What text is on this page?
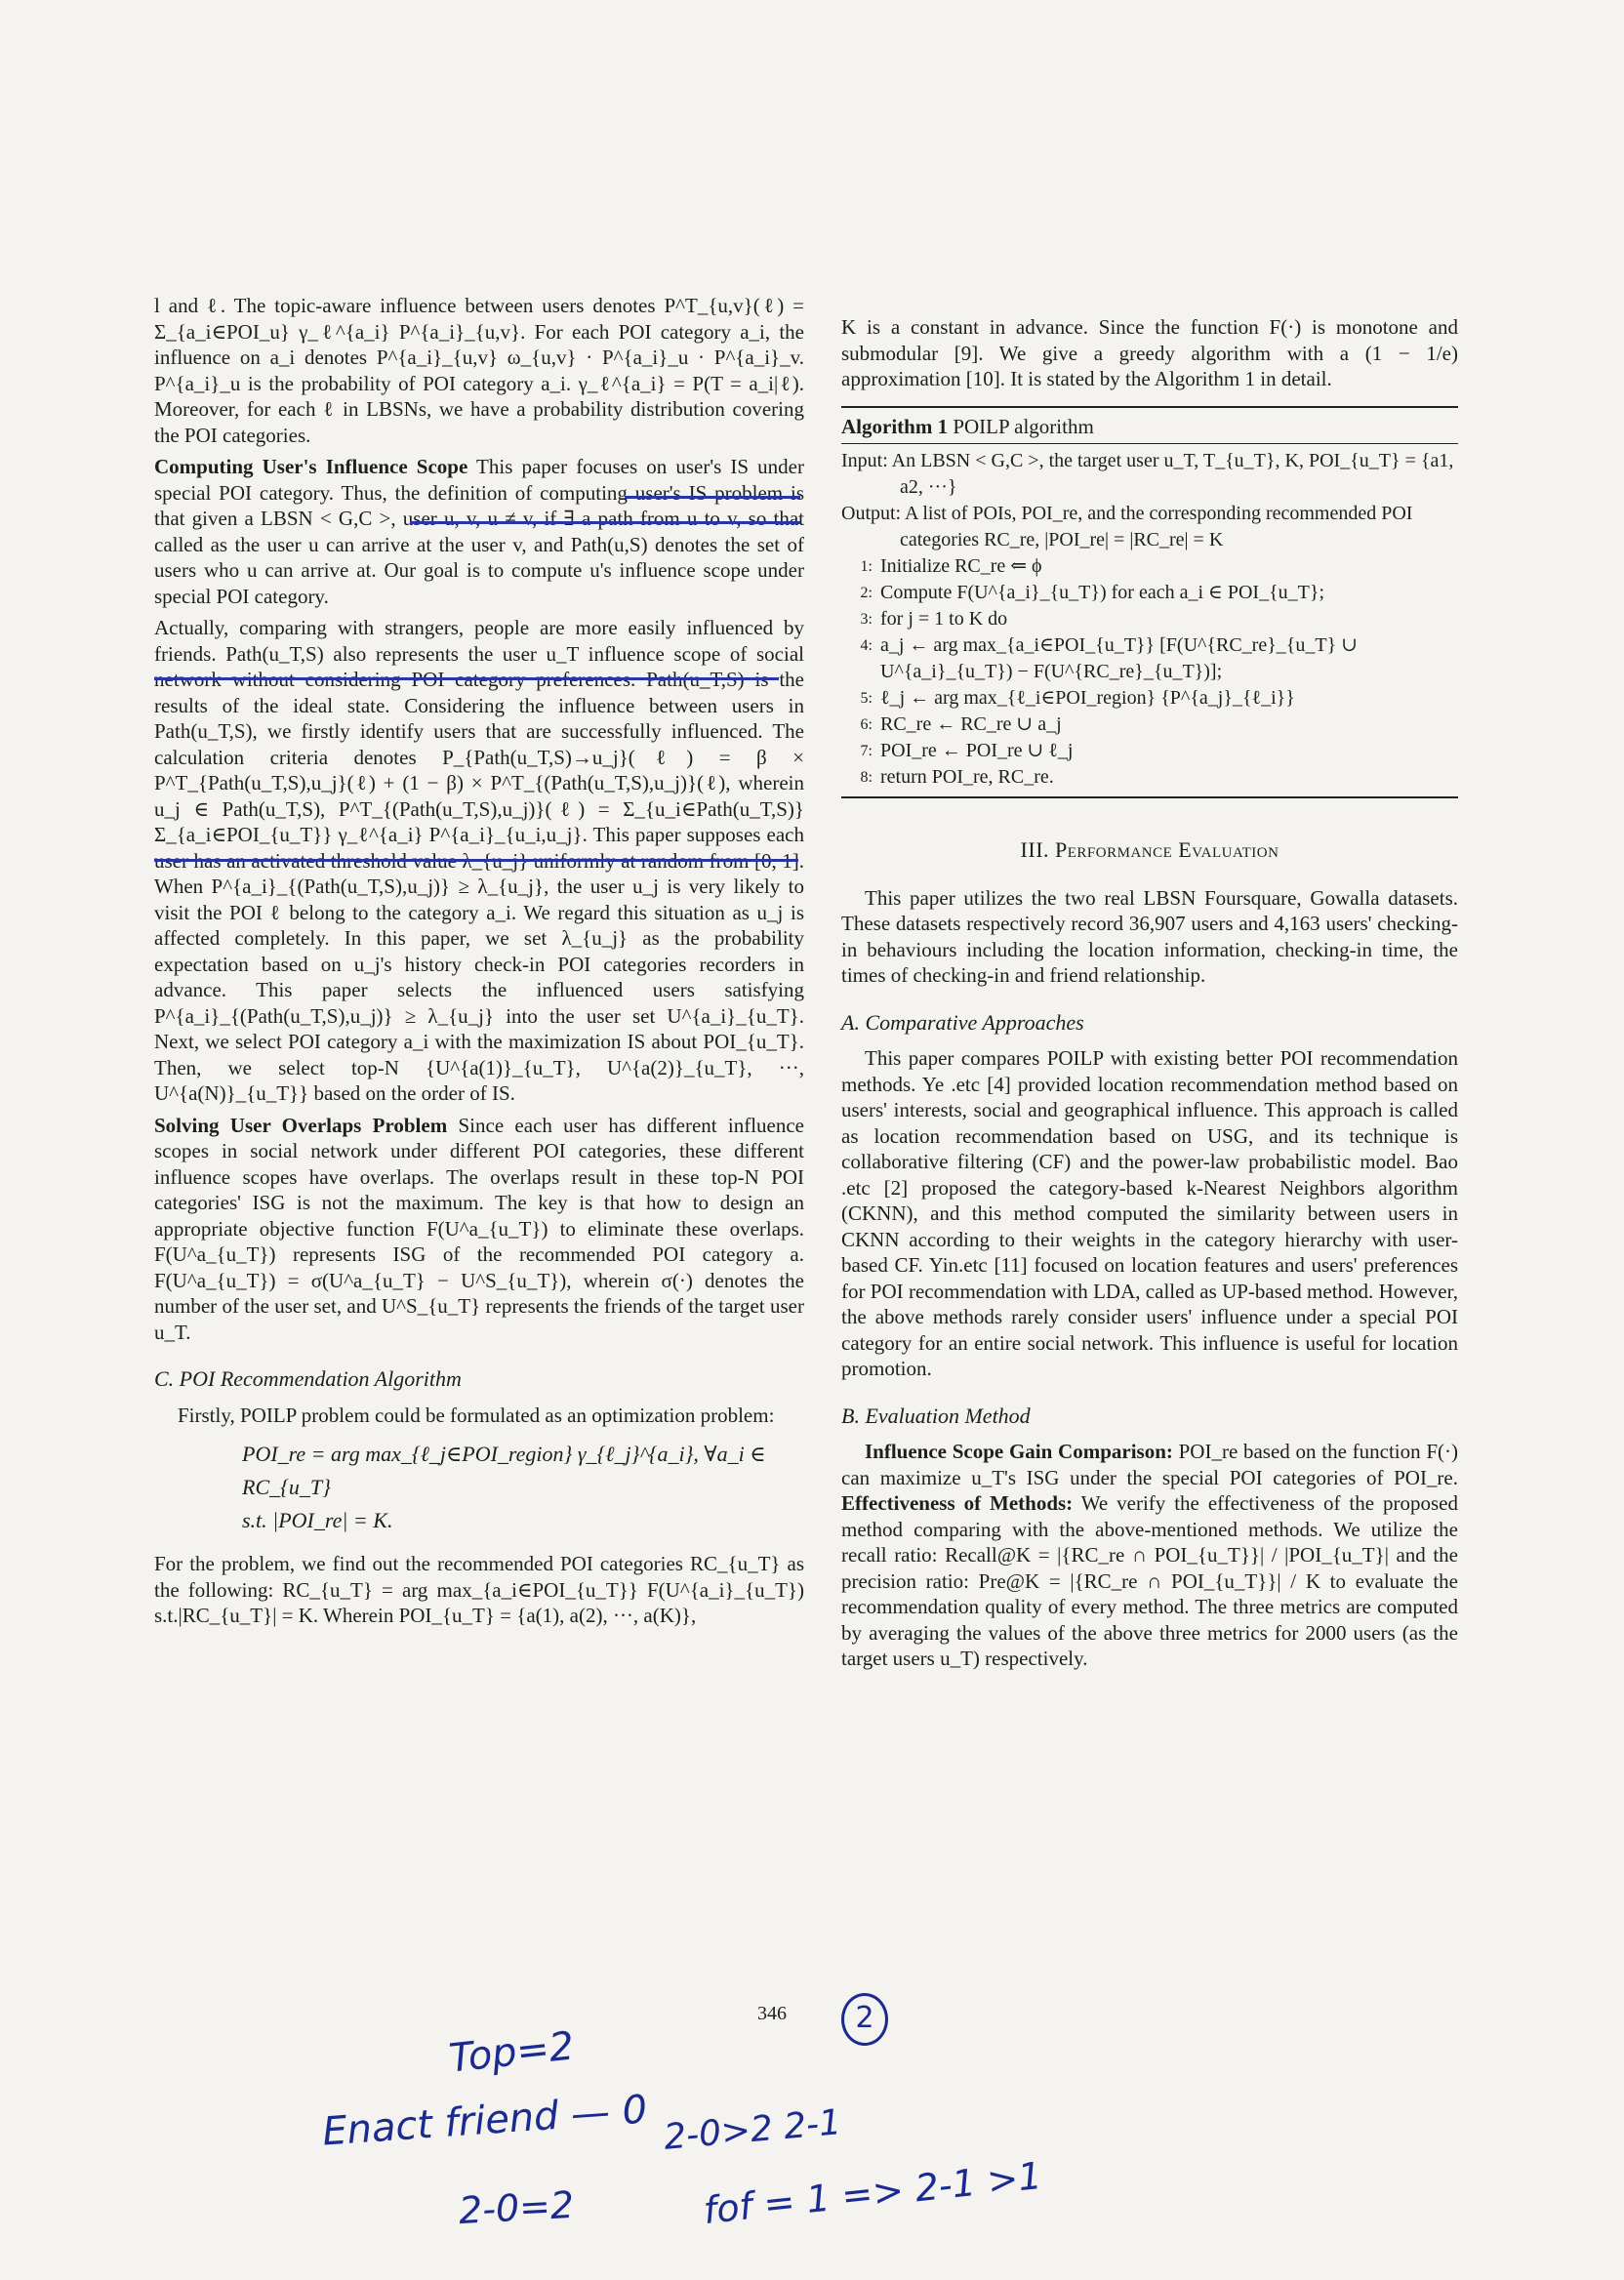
l and ℓ. The topic-aware influence between users denotes P^T_{u,v}(ℓ) = Σ_{a_i∈POI_u} γ_ℓ^{a_i} P^{a_i}_{u,v}. For each POI category a_i, the influence on a_i denotes P^{a_i}_{u,v} ω_{u,v} · P^{a_i}_u · P^{a_i}_v. P^{a_i}_u is the probability of POI category a_i. γ_ℓ^{a_i} = P(T = a_i|ℓ). Moreover, for each ℓ in LBSNs, we have a probability distribution covering the POI categories.

Computing User's Influence Scope This paper focuses on user's IS under special POI category. Thus, the definition of computing user's IS problem is that given a LBSN < G,C >, user u, v, u ≠ v, if ∃ a path from u to v, so that called as the user u can arrive at the user v, and Path(u,S) denotes the set of users who u can arrive at. Our goal is to compute u's influence scope under special POI category.

Actually, comparing with strangers, people are more easily influenced by friends. Path(u_T,S) also represents the user u_T influence scope of social network without considering POI category preferences. Path(u_T,S) is the results of the ideal state. Considering the influence between users in Path(u_T,S), we firstly identify users that are successfully influenced. The calculation criteria denotes P_{Path(u_T,S)→u_j}(ℓ) = β × P^T_{Path(u_T,S),u_j}(ℓ) + (1 − β) × P^T_{(Path(u_T,S),u_j)}(ℓ), wherein u_j ∈ Path(u_T,S), P^T_{(Path(u_T,S),u_j)}(ℓ) = Σ_{u_i∈Path(u_T,S)} Σ_{a_i∈POI_{u_T}} γ_ℓ^{a_i} P^{a_i}_{u_i,u_j}. This paper supposes each user has an activated threshold value λ_{u_j} uniformly at random from [0, 1]. When P^{a_i}_{(Path(u_T,S),u_j)} ≥ λ_{u_j}, the user u_j is very likely to visit the POI ℓ belong to the category a_i. We regard this situation as u_j is affected completely. In this paper, we set λ_{u_j} as the probability expectation based on u_j's history check-in POI categories recorders in advance. This paper selects the influenced users satisfying P^{a_i}_{(Path(u_T,S),u_j)} ≥ λ_{u_j} into the user set U^{a_i}_{u_T}. Next, we select POI category a_i with the maximization IS about POI_{u_T}. Then, we select top-N {U^{a(1)}_{u_T}, U^{a(2)}_{u_T}, ···, U^{a(N)}_{u_T}} based on the order of IS.

Solving User Overlaps Problem Since each user has different influence scopes in social network under different POI categories, these different influence scopes have overlaps. The overlaps result in these top-N POI categories' ISG is not the maximum. The key is that how to design an appropriate objective function F(U^a_{u_T}) to eliminate these overlaps. F(U^a_{u_T}) represents ISG of the recommended POI category a. F(U^a_{u_T}) = σ(U^a_{u_T} − U^S_{u_T}), wherein σ(·) denotes the number of the user set, and U^S_{u_T} represents the friends of the target user u_T.

C. POI Recommendation Algorithm

Firstly, POILP problem could be formulated as an optimization problem:

POI_re = arg max_{ℓ_j∈POI_region} γ_{ℓ_j}^{a_i}, ∀a_i ∈ RC_{u_T}
s.t. |POI_re| = K.

For the problem, we find out the recommended POI categories RC_{u_T} as the following: RC_{u_T} = arg max_{a_i∈POI_{u_T}} F(U^{a_i}_{u_T}) s.t.|RC_{u_T}| = K. Wherein POI_{u_T} = {a(1), a(2), ···, a(K)},

K is a constant in advance. Since the function F(·) is monotone and submodular [9]. We give a greedy algorithm with a (1 − 1/e) approximation [10]. It is stated by the Algorithm 1 in detail.

Algorithm 1 POILP algorithm
Input: An LBSN < G,C >, the target user u_T, T_{u_T}, K, POI_{u_T} = {a1, a2, ···}
Output: A list of POIs, POI_re, and the corresponding recommended POI categories RC_re, |POI_re| = |RC_re| = K
1: Initialize RC_re ⇐ ϕ
2: Compute F(U^{a_i}_{u_T}) for each a_i ∈ POI_{u_T};
3: for j = 1 to K do
4: a_j ← arg max_{a_i∈POI_{u_T}} [F(U^{RC_re}_{u_T} ∪ U^{a_i}_{u_T}) − F(U^{RC_re}_{u_T})];
5: ℓ_j ← arg max_{ℓ_i∈POI_region} {P^{a_j}_{ℓ_i}}
6: RC_re ← RC_re ∪ a_j
7: POI_re ← POI_re ∪ ℓ_j
8: return POI_re, RC_re.
III. Performance Evaluation

This paper utilizes the two real LBSN Foursquare, Gowalla datasets. These datasets respectively record 36,907 users and 4,163 users' checking-in behaviours including the location information, checking-in time, the times of checking-in and friend relationship.

A. Comparative Approaches

This paper compares POILP with existing better POI recommendation methods. Ye .etc [4] provided location recommendation method based on users' interests, social and geographical influence. This approach is called as location recommendation based on USG, and its technique is collaborative filtering (CF) and the power-law probabilistic model. Bao .etc [2] proposed the category-based k-Nearest Neighbors algorithm (CKNN), and this method computed the similarity between users in CKNN according to their weights in the category hierarchy with user-based CF. Yin.etc [11] focused on location features and users' preferences for POI recommendation with LDA, called as UP-based method. However, the above methods rarely consider users' influence under a special POI category for an entire social network. This influence is useful for location promotion.

B. Evaluation Method

Influence Scope Gain Comparison: POI_re based on the function F(·) can maximize u_T's ISG under the special POI categories of POI_re. Effectiveness of Methods: We verify the effectiveness of the proposed method comparing with the above-mentioned methods. We utilize the recall ratio: Recall@K = |{RC_re ∩ POI_{u_T}}| / |POI_{u_T}| and the precision ratio: Pre@K = |{RC_re ∩ POI_{u_T}}| / K to evaluate the recommendation quality of every method. The three metrics are computed by averaging the values of the above three metrics for 2000 users (as the target users u_T) respectively.

346	2
Top=2
Enact friend — 0 2-0>2 2-1
2-0=2	fof = 1 => 2-1 >1
